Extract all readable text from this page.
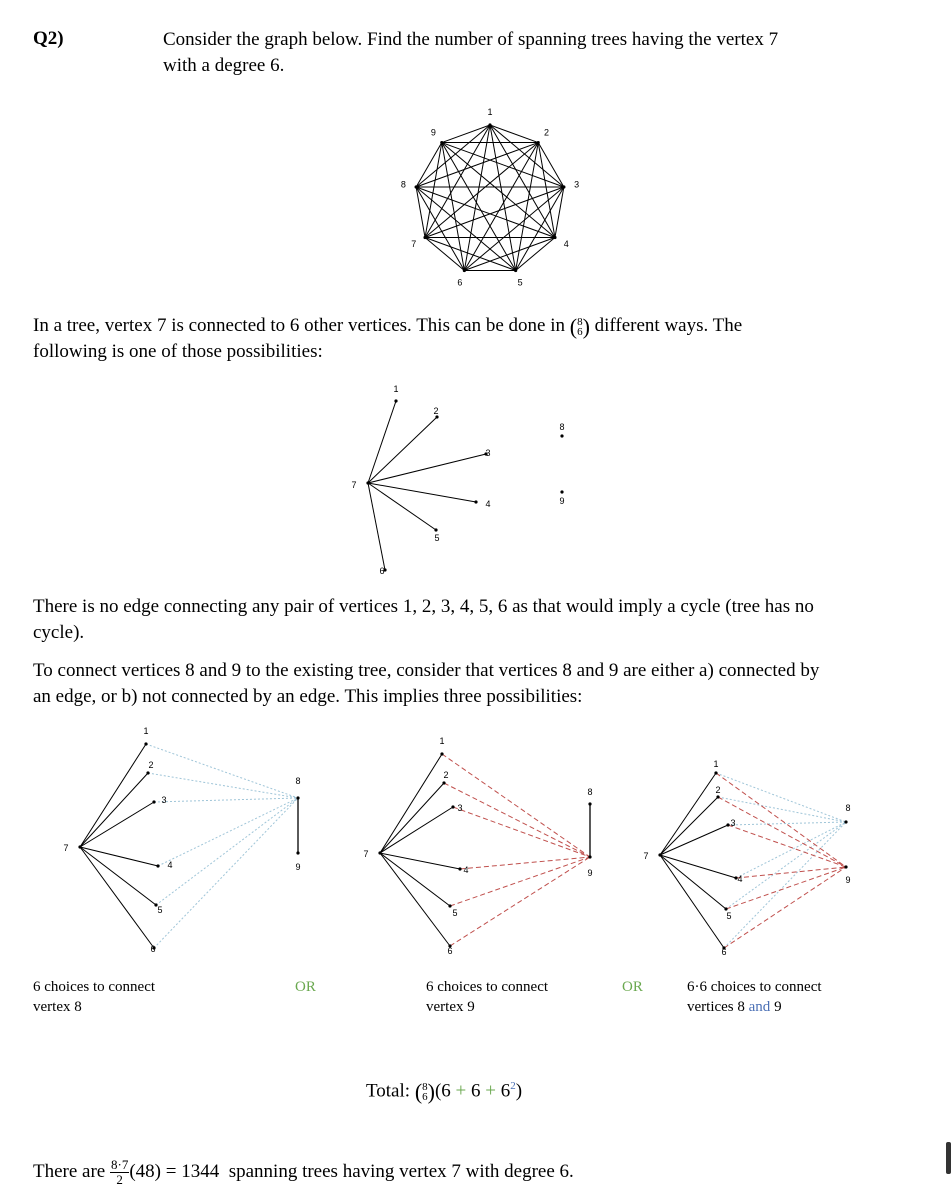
Q2)	Consider the graph below. Find the number of spanning trees having the vertex 7
with a degree 6.
1
2
3
4
5
6
7
8
9
In a tree, vertex 7 is connected to 6 other vertices. This can be done in ( 8
6 ) different ways. The
following is one of those possibilities:
1
2
3
4
5
6
7
8
9
There is no edge connecting any pair of vertices 1, 2, 3, 4, 5, 6 as that would imply a cycle (tree has no
cycle).
To connect vertices 8 and 9 to the existing tree, consider that vertices 8 and 9 are either a) connected by
an edge, or b) not connected by an edge. This implies three possibilities:
1
2
3
4
5
6
7
8
9
1
2
3
4
5
6
7
8
9
1
2
3
4
5
6
7
8
9
6 choices to connect
vertex 8
OR	6 choices to connect
vertex 9
OR	6·6 choices to connect
vertices 8 and 9
Total: ( 8
6 ) $(6 + 6 + 6^2)$
There are $\frac{8\cdot 7}{2} (48) = 1344$ spanning trees having vertex 7 with degree 6.
